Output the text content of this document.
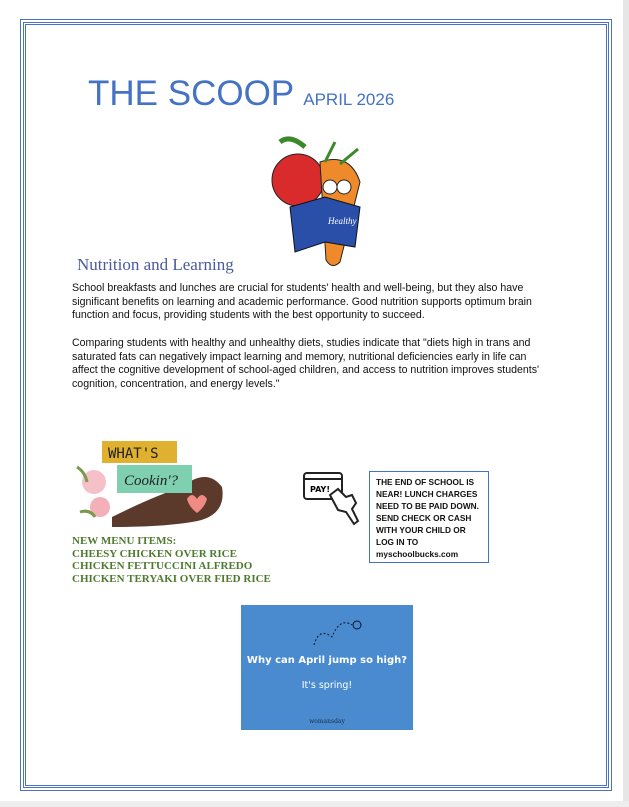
THE SCOOP APRIL 2026
Healthy is Happy
Nutrition and Learning

School breakfasts and lunches are crucial for students' health and well-being, but they also have significant benefits on learning and academic performance. Good nutrition supports optimum brain function and focus, providing students with the best opportunity to succeed.

Comparing students with healthy and unhealthy diets, studies indicate that "diets high in trans and saturated fats can negatively impact learning and memory, nutritional deficiencies early in life can affect the cognitive development of school-aged children, and access to nutrition improves students' cognition, concentration, and energy levels."

WHAT'S
Cookin'?
NEW MENU ITEMS:
CHEESY CHICKEN OVER RICE
CHICKEN FETTUCCINI ALFREDO
CHICKEN TERYAKI OVER FIED RICE
PAY!
THE END OF SCHOOL IS NEAR! LUNCH CHARGES NEED TO BE PAID DOWN. SEND CHECK OR CASH WITH YOUR CHILD OR LOG IN TO myschoolbucks.com
Why can April jump so high?
It's spring!
womansday
